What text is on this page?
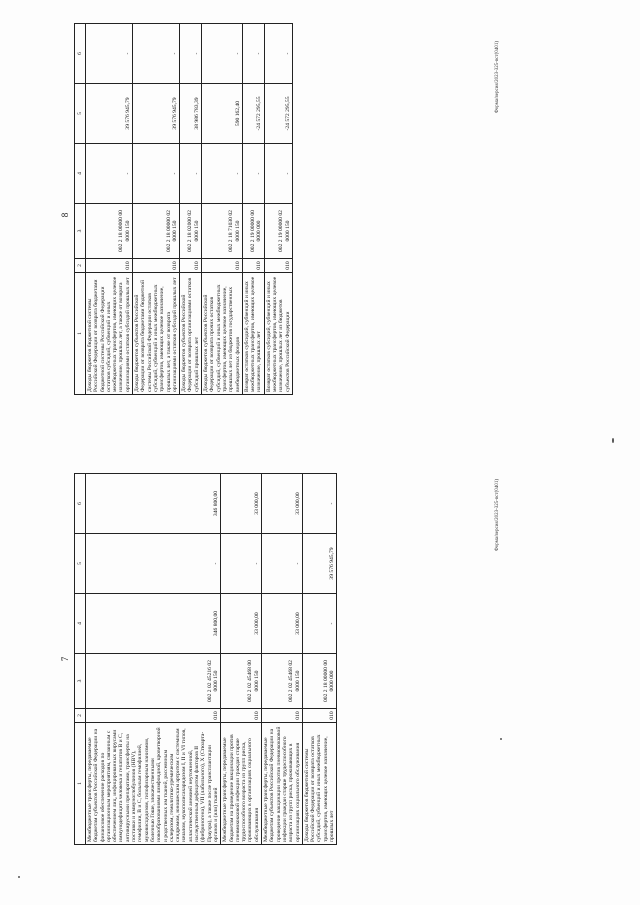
7
1	2	3	4	5	6
Межбюджетные трансферты, передаваемые бюджетам субъектов Российской Федерации на финансовое обеспечение расходов по организационным мероприятиям, связанным с обеспечением лиц, инфицированных вирусами иммунодефицита человека и гепатитов B и C, антивирусными препаратами, трансферты на поставки и иммуноглобулинов (HBV), гемофилии, B и C, больным гемофилией, муковисцидозом, гипофизарным нанизмом, болезнью Гоше, злокачественными новообразованиями лимфоидной, кроветворной и родственных им тканей, рассеянным склерозом, гемолитико-уремическим синдромом, юношеским артритом с системным началом, мукополисахаридозом I, II и VI типов, апластической анемией неуточненной, наследственным дефицитом факторов II (фибриногена), VII (лабильного), X (Стюарта-Прауэра), а также после трансплантации органов и (или) тканей	010	002 2 02 45216 02 0000 150	346 800,00	-	346 800,00
Межбюджетные трансферты, передаваемые бюджетам на проведение вакцинации против пневмококковой инфекции граждан старше трудоспособного возраста из групп риска, проживающих в организациях социального обслуживания	010	002 2 02 45468 00 0000 150	33 000,00	-	33 000,00
Межбюджетные трансферты, передаваемые бюджетам субъектов Российской Федерации на проведение вакцинации против пневмококковой инфекции граждан старше трудоспособного возраста из групп риска, проживающих в организациях социального обслуживания	010	002 2 02 45468 02 0000 150	33 000,00	-	33 000,00
Доходы бюджетов бюджетной системы Российской Федерации от возврата остатков субсидий, субвенций и иных межбюджетных трансфертов, имеющих целевое назначение, прошлых лет	010	002 2 18 00000 00 0000 000	-	39 576 945,79	-	Форма/версия/2023-325-вст(0401)
8
1	2	3	4	5	6
Доходы бюджетов бюджетной системы Российской Федерации от возврата бюджетами бюджетной системы Российской Федерации остатков субсидий, субвенций и иных межбюджетных трансфертов, имеющих целевое назначение, прошлых лет, а также от возврата организациями остатков субсидий прошлых лет	010	002 2 18 00000 00 0000 150	-	39 576 945,79	-
Доходы бюджетов субъектов Российской Федерации от возврата бюджетами бюджетной системы Российской Федерации остатков субсидий, субвенций и иных межбюджетных трансфертов, имеющих целевое назначение, прошлых лет, а также от возврата организациями остатков субсидий прошлых лет	010	002 2 18 00000 02 0000 150	-	39 576 945,79	-
Доходы бюджетов субъектов Российской Федерации от возврата организациями остатков субсидий прошлых лет	010	002 2 18 02000 02 0000 150	-	38 986 783,39	-
Доходы бюджетов субъектов Российской Федерации от возврата прочих остатков субсидий, субвенций и иных межбюджетных трансфертов, имеющих целевое назначение, прошлых лет из бюджетов государственных внебюджетных фондов	010	002 2 18 71030 02 0000 150	-	590 162,40	-
Возврат остатков субсидий, субвенций и иных межбюджетных трансфертов, имеющих целевое назначение, прошлых лет	010	002 2 19 00000 00 0000 000	-	-24 572 295,55	-
Возврат остатков субсидий, субвенций и иных межбюджетных трансфертов, имеющих целевое назначение, прошлых лет из бюджетов субъектов Российской Федерации	010	002 2 19 00000 02 0000 150	-	-24 572 295,55	-	Форма/версия/2023-325-вст(0401)
